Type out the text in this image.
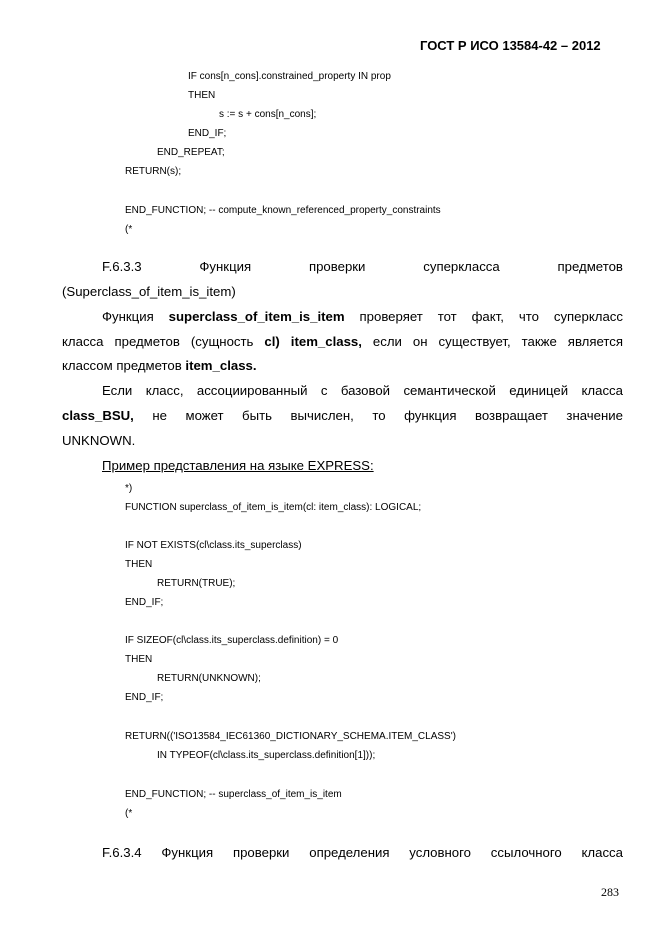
ГОСТ Р ИСО 13584-42 – 2012
IF cons[n_cons].constrained_property IN prop
THEN
s := s + cons[n_cons];
END_IF;
END_REPEAT;
RETURN(s);
END_FUNCTION; -- compute_known_referenced_property_constraints
(*
F.6.3.3	Функция	проверки	суперкласса	предметов
(Superclass_of_item_is_item)
Функция superclass_of_item_is_item проверяет тот факт, что суперкласс
класса предметов (сущность cl) item_class, если он существует, также является
классом предметов item_class.
Если класс, ассоциированный с базовой семантической единицей класса
class_BSU, не может быть вычислен, то функция возвращает значение
UNKNOWN.
Пример представления на языке EXPRESS:
*)
FUNCTION superclass_of_item_is_item(cl: item_class): LOGICAL;
IF NOT EXISTS(cl\class.its_superclass)
THEN
RETURN(TRUE);
END_IF;
IF SIZEOF(cl\class.its_superclass.definition) = 0
THEN
RETURN(UNKNOWN);
END_IF;
RETURN(('ISO13584_IEC61360_DICTIONARY_SCHEMA.ITEM_CLASS')
IN TYPEOF(cl\class.its_superclass.definition[1]));
END_FUNCTION; -- superclass_of_item_is_item
(*
F.6.3.4 Функция проверки определения условного ссылочного класса
283
